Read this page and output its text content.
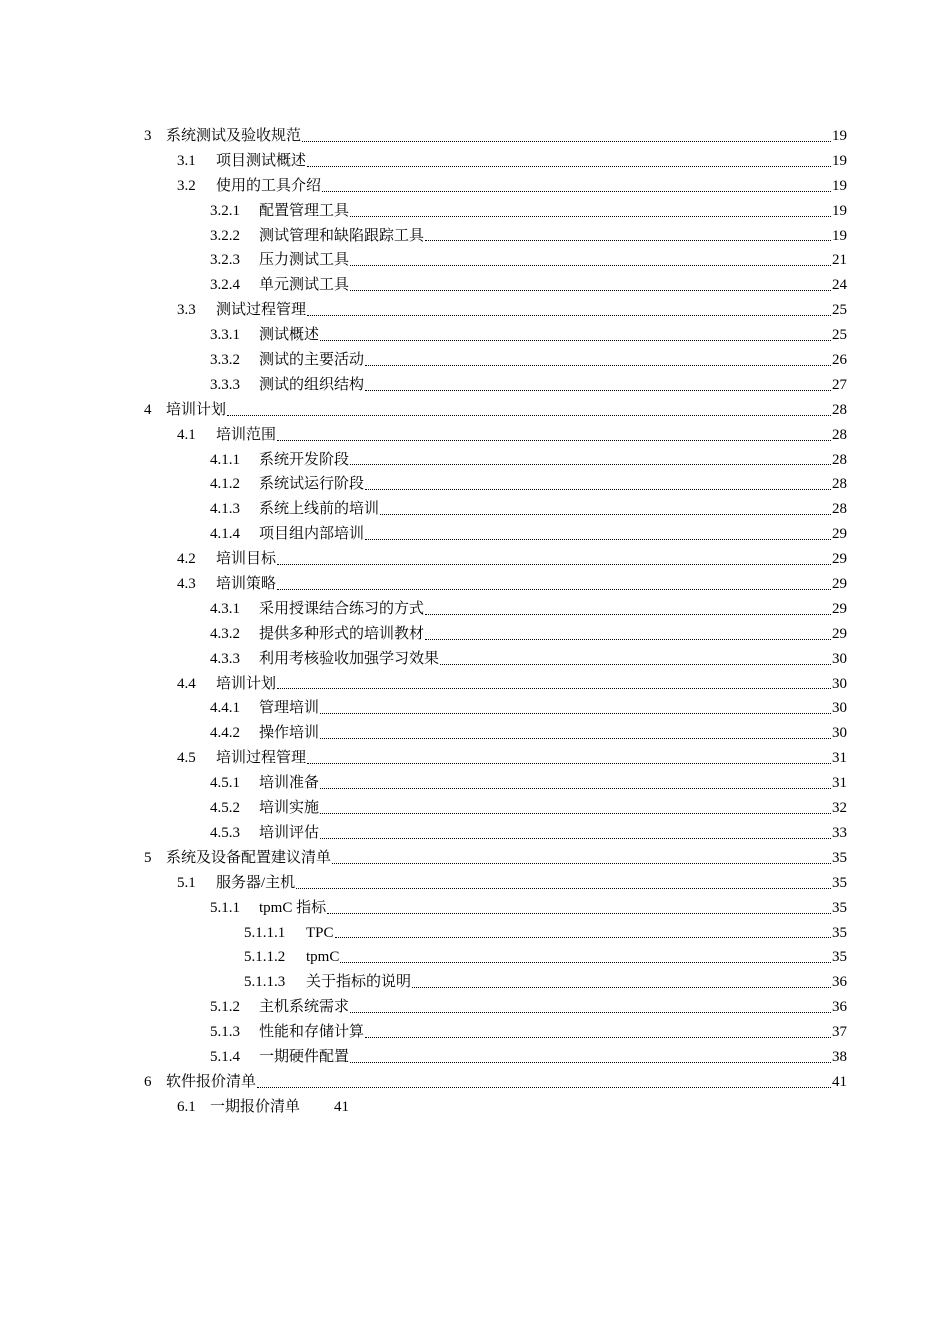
3 系统测试及验收规范	19
3.1	项目测试概述	19
3.2	使用的工具介绍	19
3.2.1	配置管理工具	19
3.2.2	测试管理和缺陷跟踪工具	19
3.2.3	压力测试工具	21
3.2.4	单元测试工具	24
3.3	测试过程管理	25
3.3.1	测试概述	25
3.3.2	测试的主要活动	26
3.3.3	测试的组织结构	27
4 培训计划	28
4.1	培训范围	28
4.1.1	系统开发阶段	28
4.1.2	系统试运行阶段	28
4.1.3	系统上线前的培训	28
4.1.4	项目组内部培训	29
4.2	培训目标	29
4.3	培训策略	29
4.3.1	采用授课结合练习的方式	29
4.3.2	提供多种形式的培训教材	29
4.3.3	利用考核验收加强学习效果	30
4.4	培训计划	30
4.4.1	管理培训	30
4.4.2	操作培训	30
4.5	培训过程管理	31
4.5.1	培训准备	31
4.5.2	培训实施	32
4.5.3	培训评估	33
5 系统及设备配置建议清单	35
5.1	服务器/主机	35
5.1.1	tpmC 指标	35
5.1.1.1	TPC	35
5.1.1.2	tpmC	35
5.1.1.3	关于指标的说明	36
5.1.2	主机系统需求	36
5.1.3	性能和存储计算	37
5.1.4	一期硬件配置	38
6 软件报价清单	41
6.1 一期报价清单 41
